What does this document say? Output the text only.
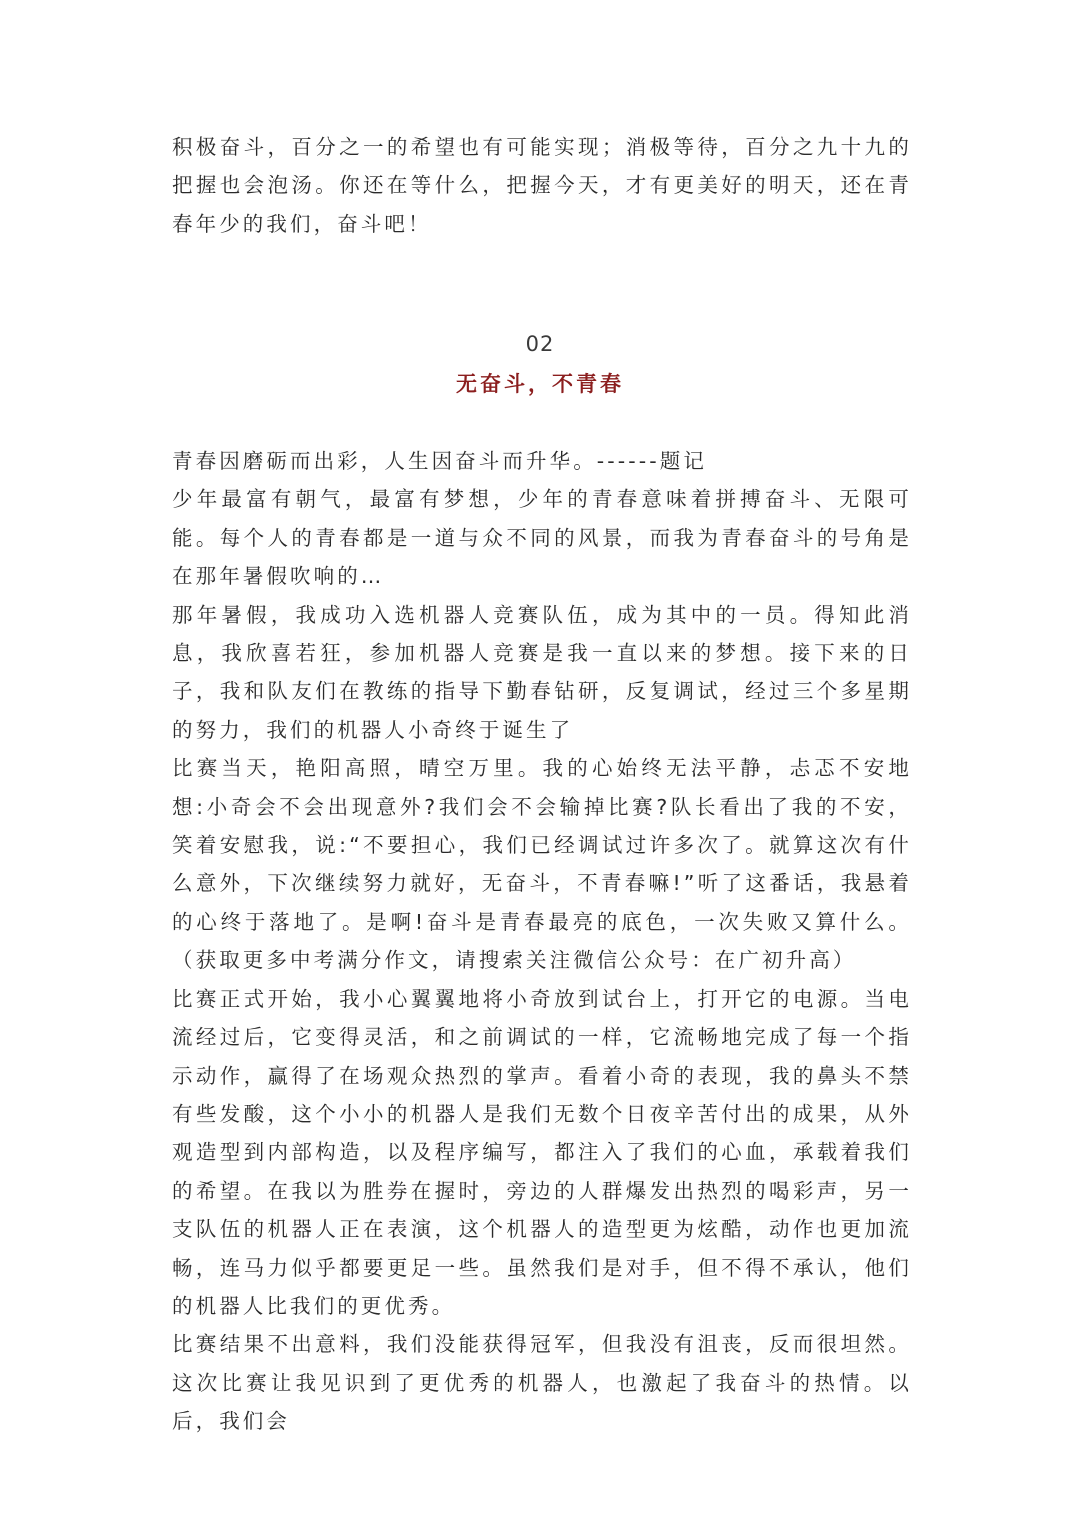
积极奋斗，百分之一的希望也有可能实现；消极等待，百分之九十九的把握也会泡汤。你还在等什么，把握今天，才有更美好的明天，还在青春年少的我们，奋斗吧！

02
无奋斗，不青春

青春因磨砺而出彩，人生因奋斗而升华。------题记

少年最富有朝气，最富有梦想，少年的青春意味着拼搏奋斗、无限可能。每个人的青春都是一道与众不同的风景，而我为青春奋斗的号角是在那年暑假吹响的…

那年暑假，我成功入选机器人竞赛队伍，成为其中的一员。得知此消息，我欣喜若狂，参加机器人竞赛是我一直以来的梦想。接下来的日子，我和队友们在教练的指导下勤春钻研，反复调试，经过三个多星期的努力，我们的机器人小奇终于诞生了

比赛当天，艳阳高照，晴空万里。我的心始终无法平静，忐忑不安地想:小奇会不会出现意外?我们会不会输掉比赛?队长看出了我的不安，笑着安慰我，说:“不要担心，我们已经调试过许多次了。就算这次有什么意外，下次继续努力就好，无奋斗，不青春嘛!”听了这番话，我悬着的心终于落地了。是啊!奋斗是青春最亮的底色，一次失败又算什么。（获取更多中考满分作文，请搜索关注微信公众号：在广初升高）

比赛正式开始，我小心翼翼地将小奇放到试台上，打开它的电源。当电流经过后，它变得灵活，和之前调试的一样，它流畅地完成了每一个指示动作，赢得了在场观众热烈的掌声。看着小奇的表现，我的鼻头不禁有些发酸，这个小小的机器人是我们无数个日夜辛苦付出的成果，从外观造型到内部构造，以及程序编写，都注入了我们的心血，承载着我们的希望。在我以为胜券在握时，旁边的人群爆发出热烈的喝彩声，另一支队伍的机器人正在表演，这个机器人的造型更为炫酷，动作也更加流畅，连马力似乎都要更足一些。虽然我们是对手，但不得不承认，他们的机器人比我们的更优秀。

比赛结果不出意料，我们没能获得冠军，但我没有沮丧，反而很坦然。这次比赛让我见识到了更优秀的机器人，也激起了我奋斗的热情。以后，我们会
